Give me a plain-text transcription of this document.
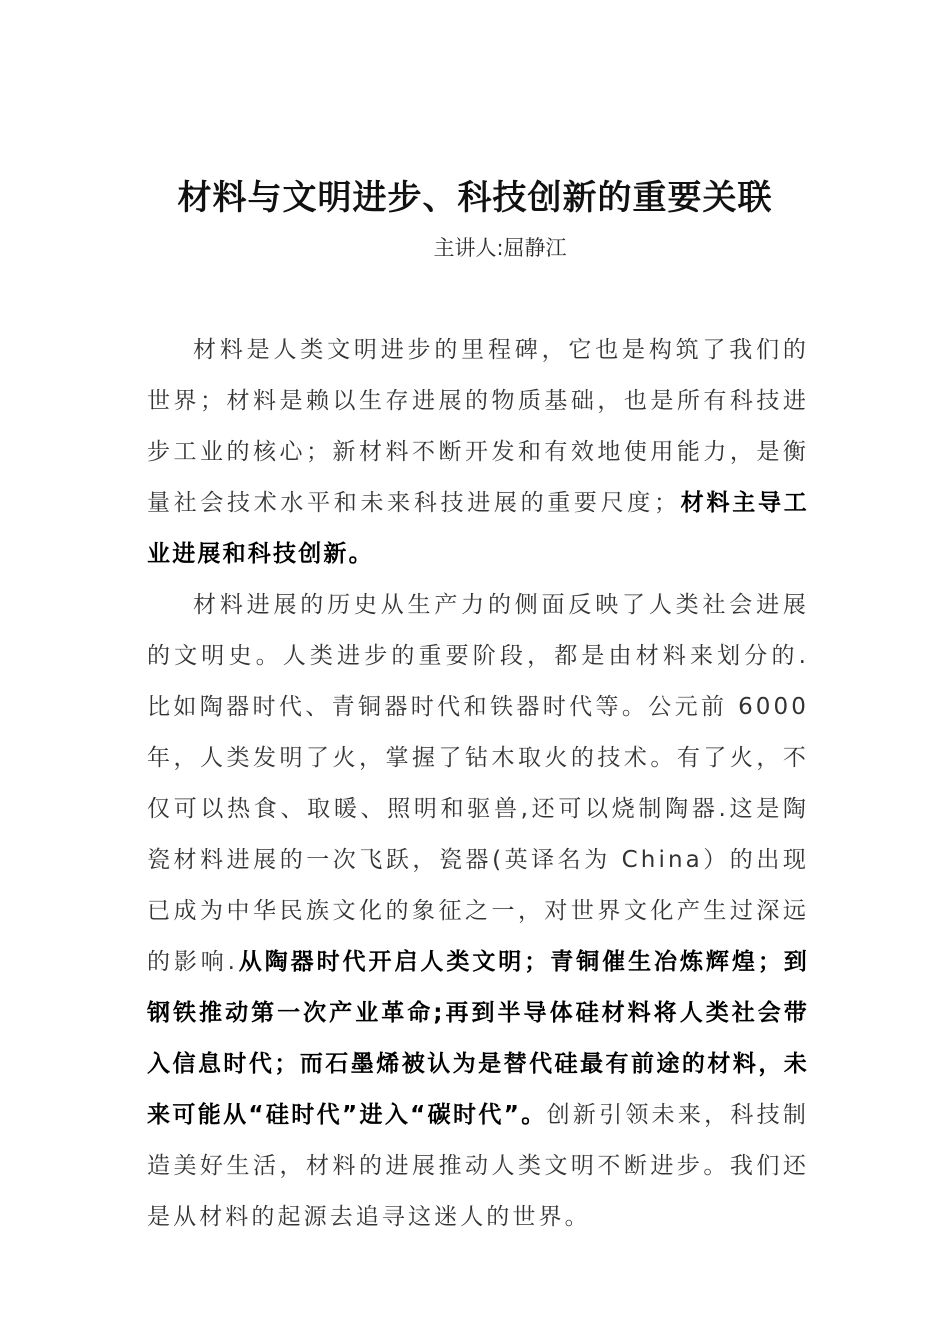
材料与文明进步、科技创新的重要关联
主讲人:屈静江

材料是人类文明进步的里程碑，它也是构筑了我们的世界；材料是赖以生存进展的物质基础，也是所有科技进步工业的核心；新材料不断开发和有效地使用能力，是衡量社会技术水平和未来科技进展的重要尺度；材料主导工业进展和科技创新。

材料进展的历史从生产力的侧面反映了人类社会进展的文明史。人类进步的重要阶段，都是由材料来划分的.比如陶器时代、青铜器时代和铁器时代等。公元前 6000 年，人类发明了火，掌握了钻木取火的技术。有了火，不仅可以热食、取暖、照明和驱兽,还可以烧制陶器.这是陶瓷材料进展的一次飞跃，瓷器(英译名为 China）的出现已成为中华民族文化的象征之一，对世界文化产生过深远的影响.从陶器时代开启人类文明；青铜催生冶炼辉煌；到钢铁推动第一次产业革命;再到半导体硅材料将人类社会带入信息时代；而石墨烯被认为是替代硅最有前途的材料，未来可能从“硅时代”进入“碳时代”。创新引领未来，科技制造美好生活，材料的进展推动人类文明不断进步。我们还是从材料的起源去追寻这迷人的世界。
